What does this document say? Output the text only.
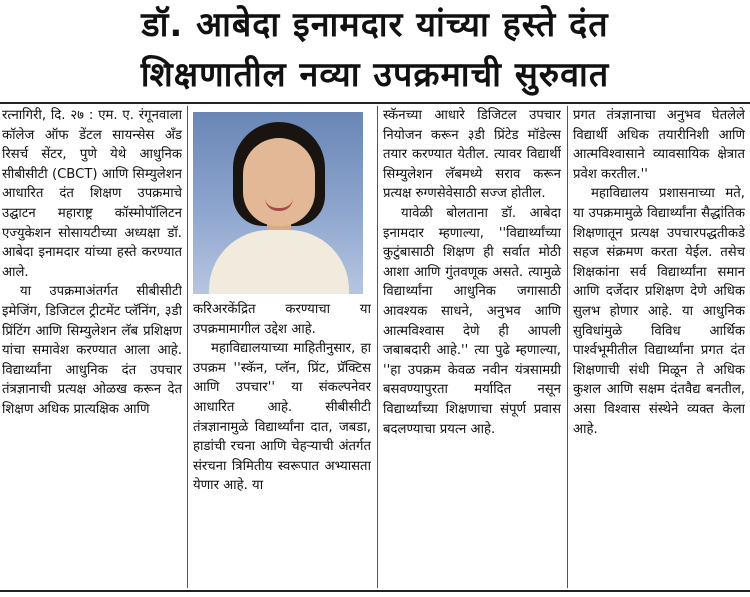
डॉ. आबेदा इनामदार यांच्या हस्ते दंत
शिक्षणातील नव्या उपक्रमाची सुरुवात

रत्नागिरी, दि. २७ : एम. ए. रंगूनवाला कॉलेज ऑफ डेंटल सायन्सेस अँड रिसर्च सेंटर, पुणे येथे आधुनिक सीबीसीटी (CBCT) आणि सिम्युलेशन आधारित दंत शिक्षण उपक्रमाचे उद्घाटन महाराष्ट्र कॉस्मोपॉलिटन एज्युकेशन सोसायटीच्या अध्यक्षा डॉ. आबेदा इनामदार यांच्या हस्ते करण्यात आले.

या उपक्रमाअंतर्गत सीबीसीटी इमेजिंग, डिजिटल ट्रीटमेंट प्लॅनिंग, ३डी प्रिंटिंग आणि सिम्युलेशन लॅब प्रशिक्षण यांचा समावेश करण्यात आला आहे. विद्यार्थ्यांना आधुनिक दंत उपचार तंत्रज्ञानाची प्रत्यक्ष ओळख करून देत शिक्षण अधिक प्रात्यक्षिक आणि

करिअरकेंद्रित करण्याचा या उपक्रमामागील उद्देश आहे.

महाविद्यालयाच्या माहितीनुसार, हा उपक्रम ''स्कॅन, प्लॅन, प्रिंट, प्रॅक्टिस आणि उपचार'' या संकल्पनेवर आधारित आहे. सीबीसीटी तंत्रज्ञानामुळे विद्यार्थ्यांना दात, जबडा, हाडांची रचना आणि चेहऱ्याची अंतर्गत संरचना त्रिमितीय स्वरूपात अभ्यासता येणार आहे. या

स्कॅनच्या आधारे डिजिटल उपचार नियोजन करून ३डी प्रिंटेड मॉडेल्स तयार करण्यात येतील. त्यावर विद्यार्थी सिम्युलेशन लॅबमध्ये सराव करून प्रत्यक्ष रुग्णसेवेसाठी सज्ज होतील.

यावेळी बोलताना डॉ. आबेदा इनामदार म्हणाल्या, ''विद्यार्थ्यांच्या कुटुंबासाठी शिक्षण ही सर्वात मोठी आशा आणि गुंतवणूक असते. त्यामुळे विद्यार्थ्यांना आधुनिक जगासाठी आवश्यक साधने, अनुभव आणि आत्मविश्वास देणे ही आपली जबाबदारी आहे.'' त्या पुढे म्हणाल्या, ''हा उपक्रम केवळ नवीन यंत्रसामग्री बसवण्यापुरता मर्यादित नसून विद्यार्थ्यांच्या शिक्षणाचा संपूर्ण प्रवास बदलण्याचा प्रयत्न आहे.

प्रगत तंत्रज्ञानाचा अनुभव घेतलेले विद्यार्थी अधिक तयारीनिशी आणि आत्मविश्वासाने व्यावसायिक क्षेत्रात प्रवेश करतील.''

महाविद्यालय प्रशासनाच्या मते, या उपक्रमामुळे विद्यार्थ्यांना सैद्धांतिक शिक्षणातून प्रत्यक्ष उपचारपद्धतीकडे सहज संक्रमण करता येईल. तसेच शिक्षकांना सर्व विद्यार्थ्यांना समान आणि दर्जेदार प्रशिक्षण देणे अधिक सुलभ होणार आहे. या आधुनिक सुविधांमुळे विविध आर्थिक पार्श्वभूमीतील विद्यार्थ्यांना प्रगत दंत शिक्षणाची संधी मिळून ते अधिक कुशल आणि सक्षम दंतवैद्य बनतील, असा विश्वास संस्थेने व्यक्त केला आहे.
